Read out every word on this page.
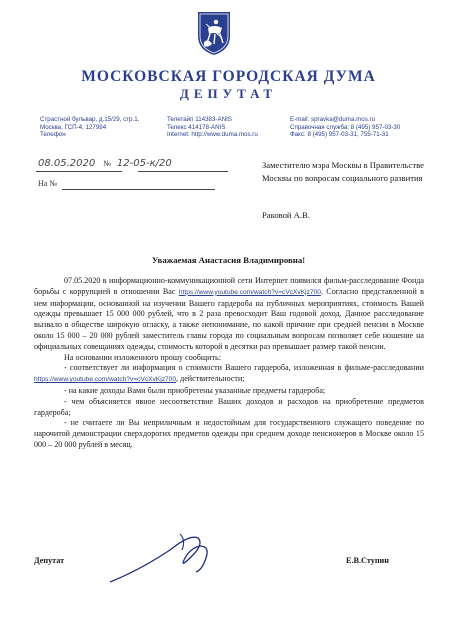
МОСКОВСКАЯ ГОРОДСКАЯ ДУМА
ДЕПУТАТ
Страстной бульвар, д.15/29, стр.1,
Москва, ГСП-4, 127994
Телефон
Телетайп 114383-ANIS
Телекс 414178-ANIS
Internet: http://www.duma.mos.ru
E-mail: spravka@duma.mos.ru
Справочная служба: 8 (495) 957-03-30
Факс: 8 (495) 957-03-31, 755-71-31
08.05.2020 № 12-05-к/20
На №
Заместителю мэра Москвы в Правительстве Москвы по вопросам социального развития
Раковой А.В.
Уважаемая Анастасия Владимировна!

07.05.2020 в информационно-коммуникационной сети Интернет появился фильм-расследование Фонда борьбы с коррупцией в отношении Вас https://www.youtube.com/watch?v=cVcXvKjz700. Согласно представленной в нем информации, основанной на изучении Вашего гардероба на публичных мероприятиях, стоимость Вашей одежды превышает 15 000 000 рублей, что в 2 раза превосходит Ваш годовой доход. Данное расследование вызвало в обществе широкую огласку, а также непонимание, по какой причине при средней пенсии в Москве около 15 000 – 20 000 рублей заместитель главы города по социальным вопросам позволяет себе ношение на официальных совещаниях одежды, стоимость которой в десятки раз превышает размер такой пенсии.

На основании изложенного прошу сообщить:

- соответствует ли информация о стоимости Вашего гардероба, изложенная в фильме-расследовании https://www.youtube.com/watch?v=cVcXvKjz700, действительности;

- на какие доходы Вами были приобретены указанные предметы гардероба;

- чем объясняется явное несоответствие Ваших доходов и расходов на приобретение предметов гардероба;

- не считаете ли Вы неприличным и недостойным для государственного служащего поведение по нарочитой демонстрации сверхдорогих предметов одежды при среднем доходе пенсионеров в Москве около 15 000 – 20 000 рублей в месяц.

Депутат	Е.В.Ступин
